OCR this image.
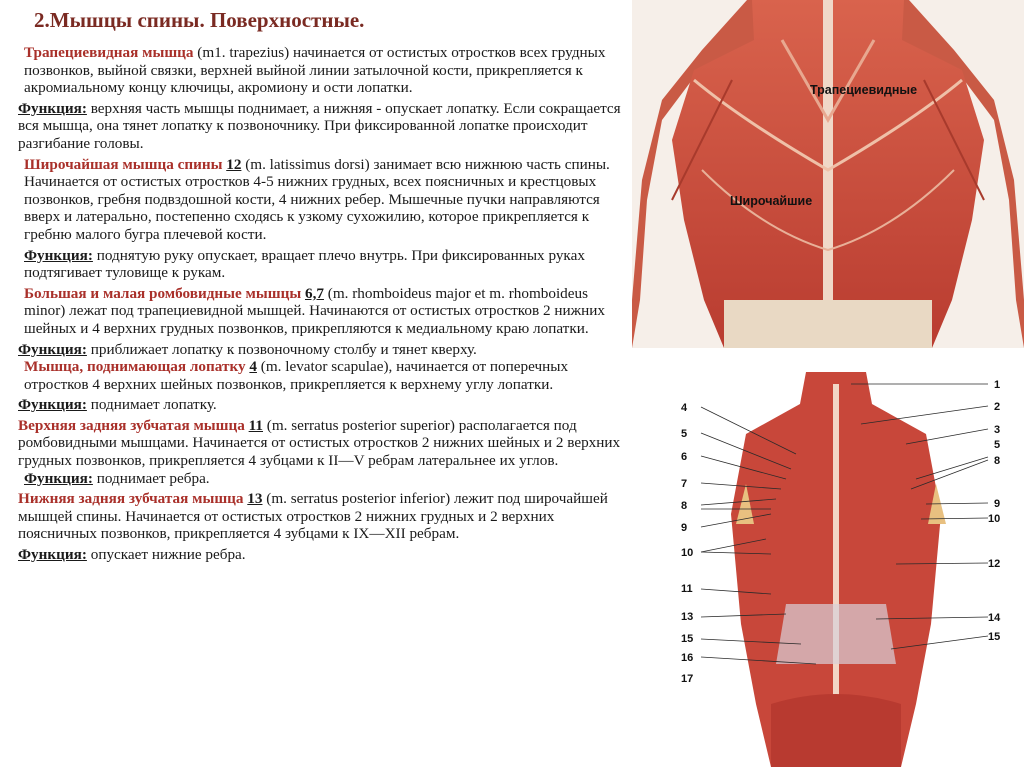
2.Мышцы спины. Поверхностные.

Трапециевидная мышца (m1. trapezius) начинается от остистых отростков всех грудных позвонков, выйной связки, верхней выйной линии затылочной кости, прикрепляется к акромиальному концу ключицы, акромиону и ости лопатки.

Функция: верхняя часть мышцы поднимает, а нижняя - опускает лопатку. Если сокращается вся мышца, она тянет лопатку к позвоночнику. При фиксированной лопатке происходит разгибание головы.

Широчайшая мышца спины 12 (m. latissimus dorsi) занимает всю нижнюю часть спины. Начинается от остистых отростков 4-5 нижних грудных, всех поясничных и крестцовых позвонков, гребня подвздошной кости, 4 нижних ребер. Мышечные пучки направляются вверх и латерально, постепенно сходясь к узкому сухожилию, которое прикрепляется к гребню малого бугра плечевой кости.

Функция: поднятую руку опускает, вращает плечо внутрь. При фиксированных руках подтягивает туловище к рукам.

Большая и малая ромбовидные мышцы 6,7 (m. rhomboideus major et m. rhomboideus minor) лежат под трапециевидной мышцей. Начинаются от остистых отростков 2 нижних шейных и 4 верхних грудных позвонков, прикрепляются к медиальному краю лопатки.

Функция: приближает лопатку к позвоночному столбу и тянет кверху.

Мышца, поднимающая лопатку 4 (m. levator scapulae), начинается от поперечных отростков 4 верхних шейных позвонков, прикрепляется к верхнему углу лопатки.

Функция: поднимает лопатку.

Верхняя задняя зубчатая мышца 11 (m. serratus posterior superior) располагается под ромбовидными мышцами. Начинается от остистых отростков 2 нижних шейных и 2 верхних грудных позвонков, прикрепляется 4 зубцами к II—V ребрам латеральнее их углов.

Функция: поднимает ребра.

Нижняя задняя зубчатая мышца 13 (m. serratus posterior inferior) лежит под широчайшей мышцей спины. Начинается от остистых отростков 2 нижних грудных и 2 верхних поясничных позвонков, прикрепляется 4 зубцами к IX—XII ребрам.

Функция: опускает нижние ребра.

Трапециевидные
Широчайшие
4
5
6
7
8
9
10
11
13
15
16
17
1
2
3
5
8
9
10
12
14
15
